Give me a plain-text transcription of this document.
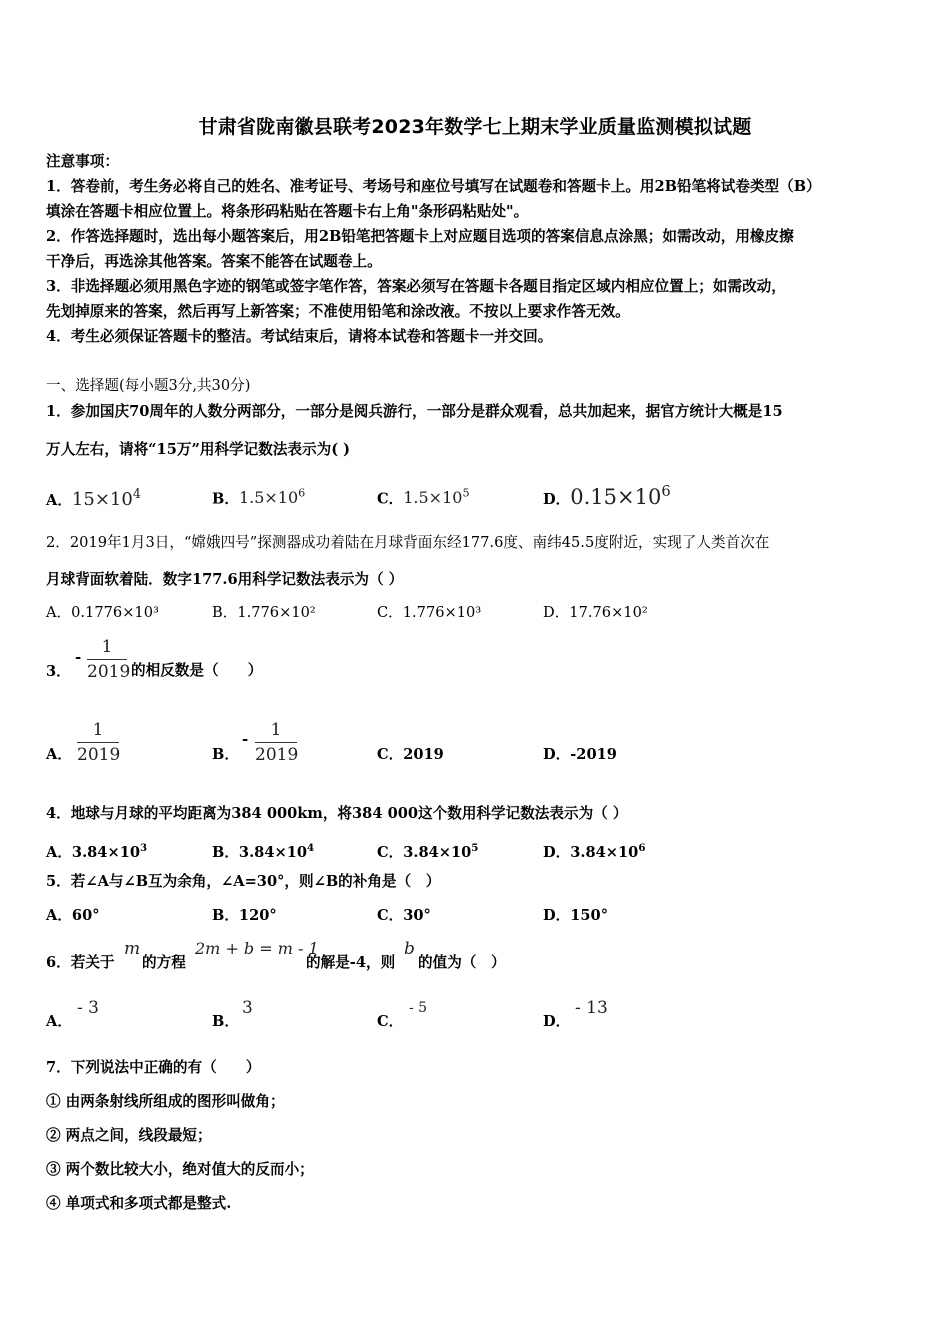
甘肃省陇南徽县联考2023年数学七上期末学业质量监测模拟试题
注意事项：
1．答卷前，考生务必将自己的姓名、准考证号、考场号和座位号填写在试题卷和答题卡上。用2B铅笔将试卷类型（B）
填涂在答题卡相应位置上。将条形码粘贴在答题卡右上角"条形码粘贴处"。
2．作答选择题时，选出每小题答案后，用2B铅笔把答题卡上对应题目选项的答案信息点涂黑；如需改动，用橡皮擦
干净后，再选涂其他答案。答案不能答在试题卷上。
3．非选择题必须用黑色字迹的钢笔或签字笔作答，答案必须写在答题卡各题目指定区域内相应位置上；如需改动，
先划掉原来的答案，然后再写上新答案；不准使用铅笔和涂改液。不按以上要求作答无效。
4．考生必须保证答题卡的整洁。考试结束后，请将本试卷和答题卡一并交回。
一、选择题(每小题3分,共30分)
1．参加国庆70周年的人数分两部分，一部分是阅兵游行，一部分是群众观看，总共加起来，据官方统计大概是15
万人左右，请将“15万”用科学记数法表示为( )
A．$15\times 10^4$	B．$1.5\times 10^6$	C．$1.5\times 10^5$	D．$0.15\times 10^6$
2．2019年1月3日，“嫦娥四号”探测器成功着陆在月球背面东经177.6度、南纬45.5度附近，实现了人类首次在
月球背面软着陆．数字177.6用科学记数法表示为（ ）
A．0.1776×10³	B．1.776×10²	C．1.776×10³	D．17.76×10²
3．
-	1
2019 的相反数是（　　）
A．
1
2019	B．
-	1
2019	C．2019	D．-2019
4．地球与月球的平均距离为384 000km，将384 000这个数用科学记数法表示为（ ）
A．$3.84\times 10^3$	B．$3.84\times 10^4$	C．$3.84\times 10^5$	D．$3.84\times 10^6$
5．若∠A与∠B互为余角，∠A=30°，则∠B的补角是（　）
A．60°	B．120°	C．30°	D．150°
6．若关于
m
的方程
2m + b = m - 1
的解是-4，则
b
的值为（　）
A．
- 3
B．
3
C．
- 5
D．
- 13
7．下列说法中正确的有（　　）
① 由两条射线所组成的图形叫做角；
② 两点之间，线段最短；
③ 两个数比较大小，绝对值大的反而小；
④ 单项式和多项式都是整式.
